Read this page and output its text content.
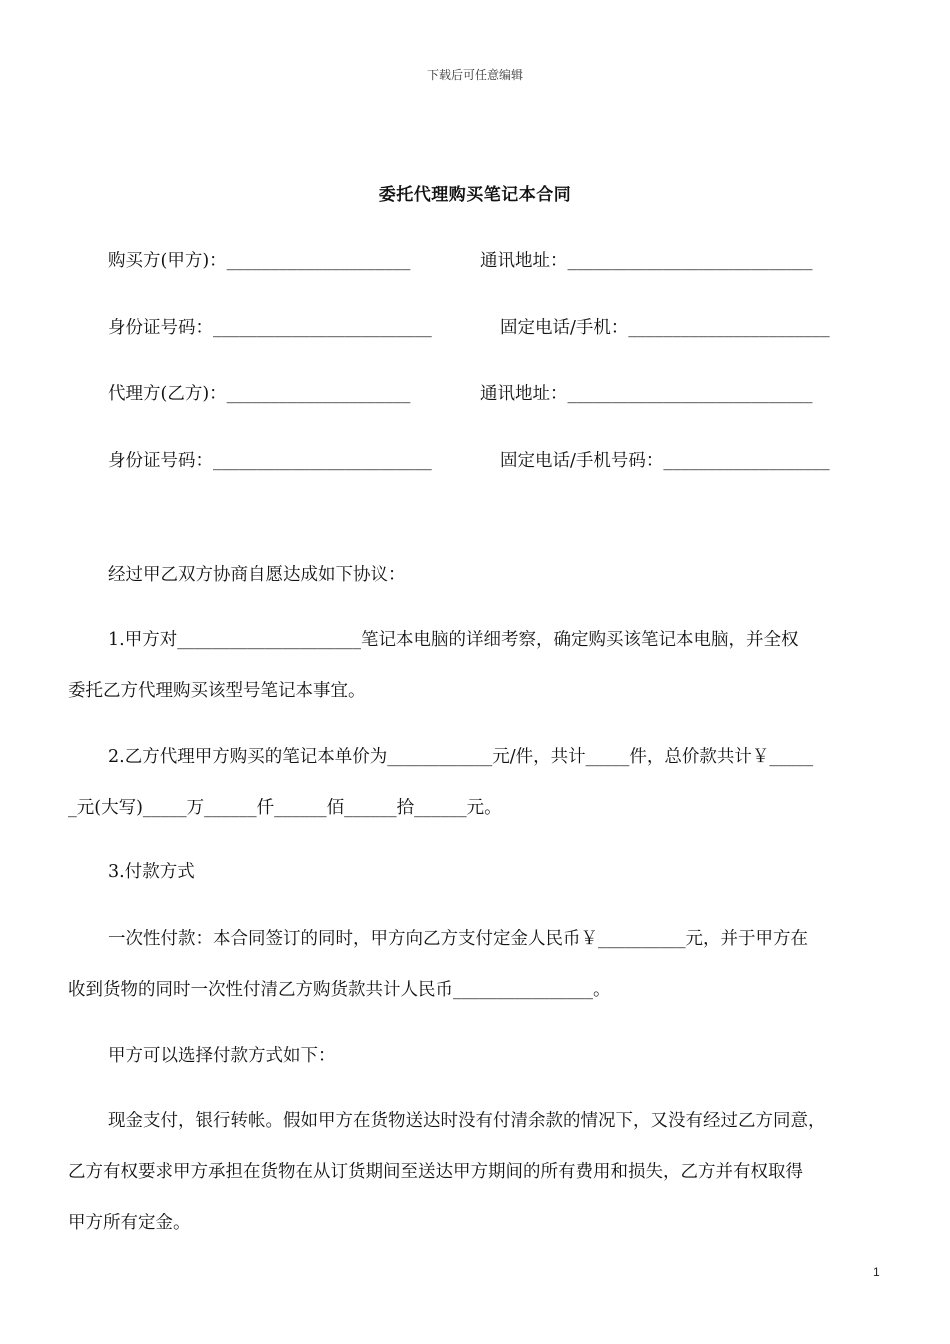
下载后可任意编辑
委托代理购买笔记本合同
购买方(甲方)：_____________________	通讯地址：____________________________
身份证号码：_________________________	固定电话/手机：_______________________
代理方(乙方)：_____________________	通讯地址：____________________________
身份证号码：_________________________	固定电话/手机号码：___________________
经过甲乙双方协商自愿达成如下协议：
1.甲方对_____________________笔记本电脑的详细考察，确定购买该笔记本电脑，并全权
委托乙方代理购买该型号笔记本事宜。
2.乙方代理甲方购买的笔记本单价为____________元/件，共计_____件，总价款共计￥_____
_元(大写)_____万______仟______佰______拾______元。
3.付款方式
一次性付款：本合同签订的同时，甲方向乙方支付定金人民币￥__________元，并于甲方在
收到货物的同时一次性付清乙方购货款共计人民币________________。
甲方可以选择付款方式如下：
现金支付，银行转帐。假如甲方在货物送达时没有付清余款的情况下，又没有经过乙方同意，
乙方有权要求甲方承担在货物在从订货期间至送达甲方期间的所有费用和损失，乙方并有权取得
甲方所有定金。
1
